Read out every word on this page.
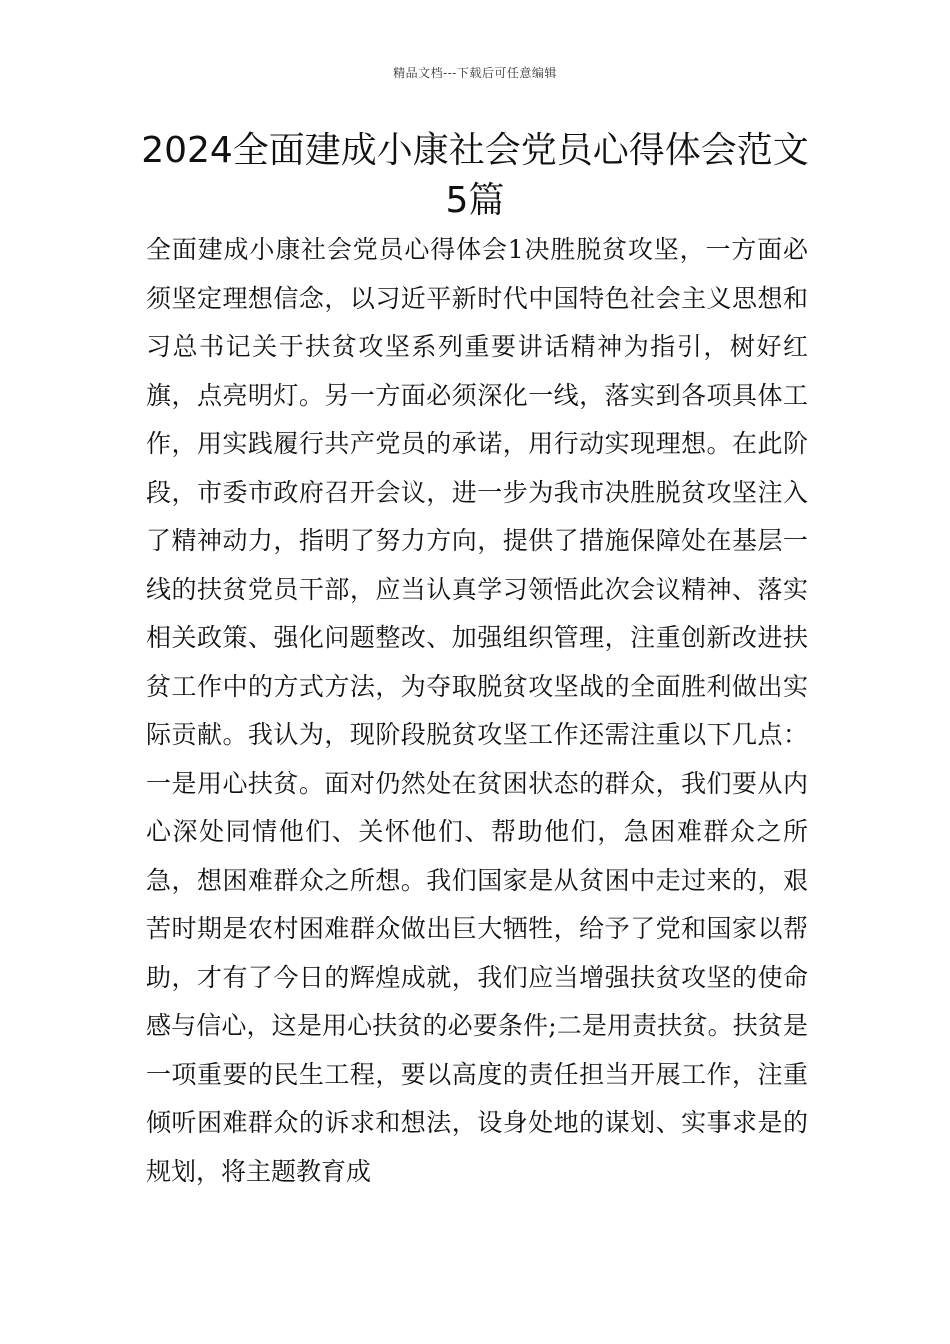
精品文档---下载后可任意编辑
2024全面建成小康社会党员心得体会范文5篇

全面建成小康社会党员心得体会1决胜脱贫攻坚，一方面必须坚定理想信念，以习近平新时代中国特色社会主义思想和习总书记关于扶贫攻坚系列重要讲话精神为指引，树好红旗，点亮明灯。另一方面必须深化一线，落实到各项具体工作，用实践履行共产党员的承诺，用行动实现理想。在此阶段，市委市政府召开会议，进一步为我市决胜脱贫攻坚注入了精神动力，指明了努力方向，提供了措施保障处在基层一线的扶贫党员干部，应当认真学习领悟此次会议精神、落实相关政策、强化问题整改、加强组织管理，注重创新改进扶贫工作中的方式方法，为夺取脱贫攻坚战的全面胜利做出实际贡献。我认为，现阶段脱贫攻坚工作还需注重以下几点：一是用心扶贫。面对仍然处在贫困状态的群众，我们要从内心深处同情他们、关怀他们、帮助他们，急困难群众之所急，想困难群众之所想。我们国家是从贫困中走过来的，艰苦时期是农村困难群众做出巨大牺牲，给予了党和国家以帮助，才有了今日的辉煌成就，我们应当增强扶贫攻坚的使命感与信心，这是用心扶贫的必要条件;二是用责扶贫。扶贫是一项重要的民生工程，要以高度的责任担当开展工作，注重倾听困难群众的诉求和想法，设身处地的谋划、实事求是的规划，将主题教育成
